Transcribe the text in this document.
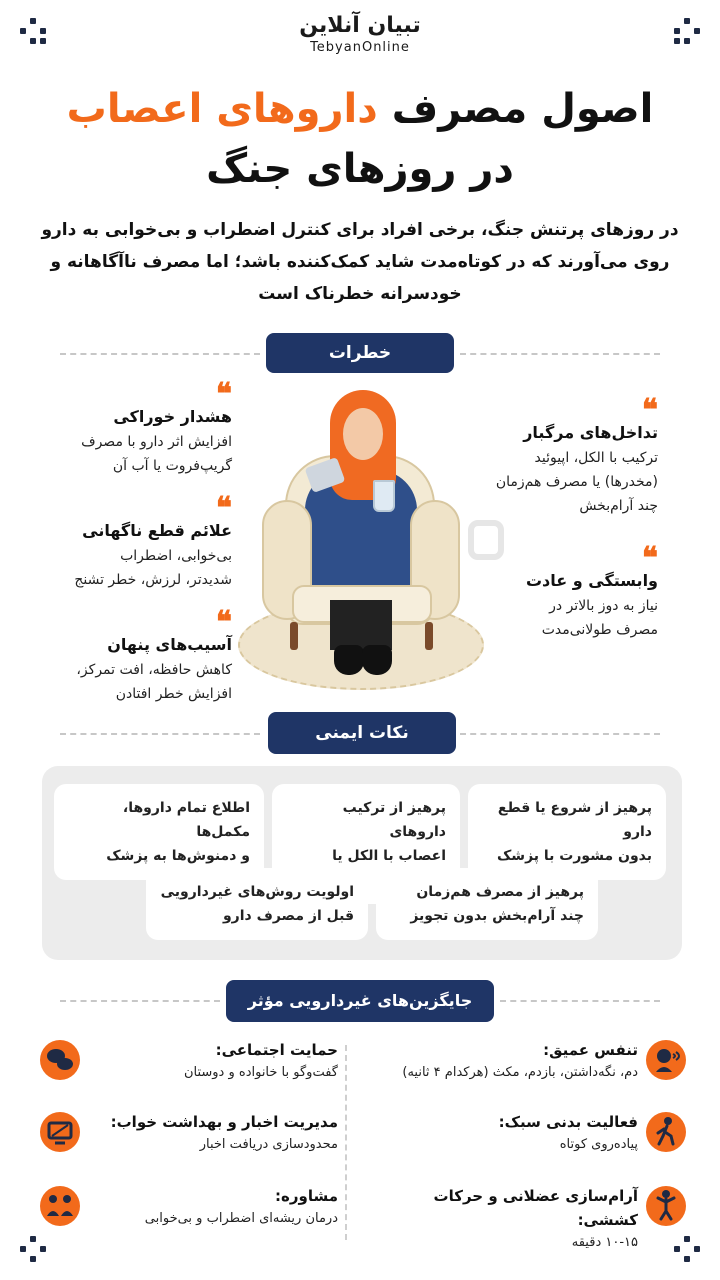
تبیان آنلاین
TebyanOnline
اصول مصرف داروهای اعصاب
در روزهای جنگ
در روزهای پرتنش جنگ، برخی افراد برای کنترل اضطراب و بی‌خوابی به دارو
روی می‌آورند که در کوتاه‌مدت شاید کمک‌کننده باشد؛ اما مصرف ناآگاهانه و
خودسرانه خطرناک است
خطرات
❝
هشدار خوراکی
افزایش اثر دارو با مصرف
گریپ‌فروت یا آب آن
❝
علائم قطع ناگهانی
بی‌خوابی، اضطراب
شدیدتر، لرزش، خطر تشنج
❝
آسیب‌های پنهان
کاهش حافظه، افت تمرکز،
افزایش خطر افتادن
❝
تداخل‌های مرگبار
ترکیب با الکل، اپیوئید
(مخدرها) یا مصرف هم‌زمان
چند آرام‌بخش
❝
وابستگی و عادت
نیاز به دوز بالاتر در
مصرف طولانی‌مدت
نکات ایمنی
پرهیز از شروع یا قطع دارو
بدون مشورت با پزشک
پرهیز از ترکیب داروهای
اعصاب با الکل یا
اطلاع تمام داروها، مکمل‌ها
و دمنوش‌ها به پزشک
پرهیز از مصرف هم‌زمان
چند آرام‌بخش بدون تجویز
اولویت روش‌های غیردارویی
قبل از مصرف دارو
جایگزین‌های غیردارویی مؤثر
تنفس عمیق:
دم، نگه‌داشتن، بازدم، مکث (هرکدام ۴ ثانیه)
فعالیت بدنی سبک:
پیاده‌روی کوتاه
آرام‌سازی عضلانی و حرکات کششی:
۱۰-۱۵ دقیقه
حمایت اجتماعی:
گفت‌وگو با خانواده و دوستان
مدیریت اخبار و بهداشت خواب:
محدودسازی دریافت اخبار
مشاوره:
درمان ریشه‌ای اضطراب و بی‌خوابی
